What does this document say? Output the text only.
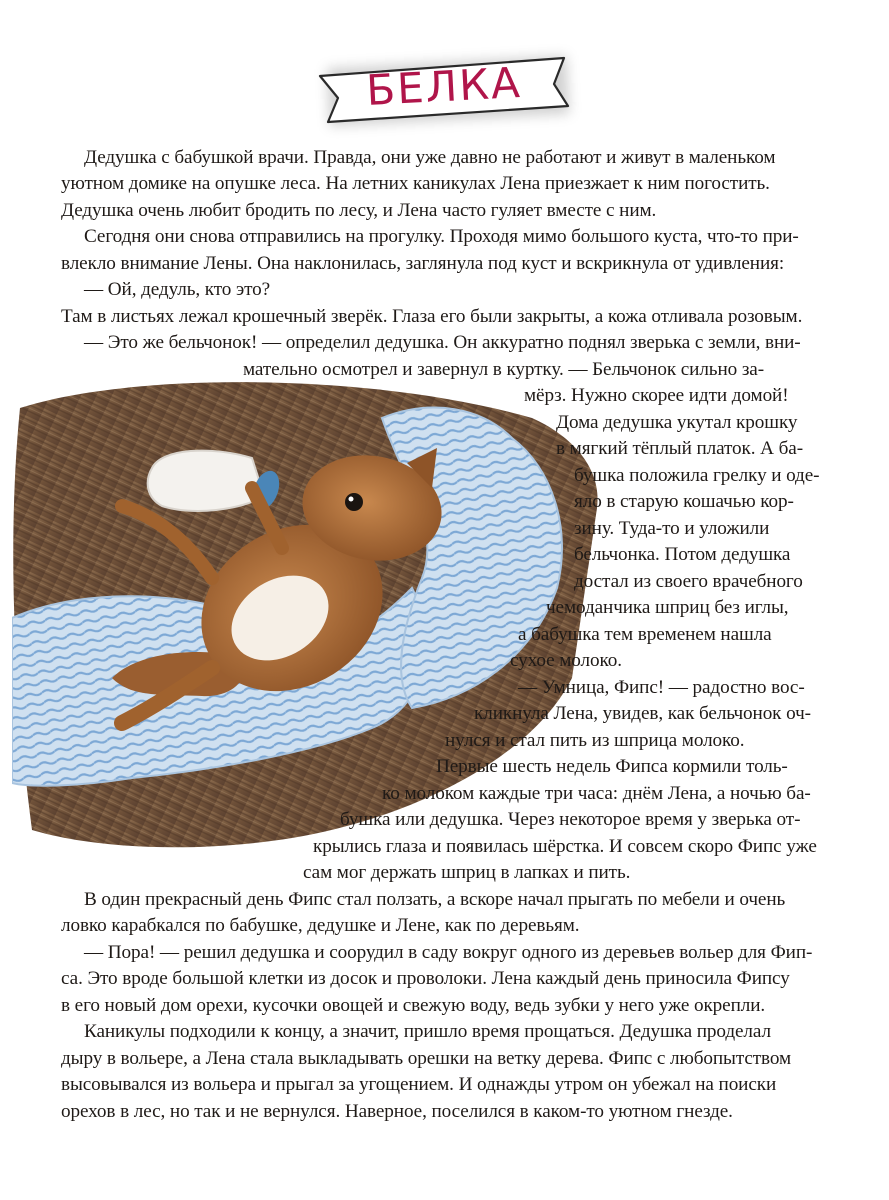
БЕЛКА
Дедушка с бабушкой врачи. Правда, они уже давно не работают и живут в маленьком
уютном домике на опушке леса. На летних каникулах Лена приезжает к ним погостить.
Дедушка очень любит бродить по лесу, и Лена часто гуляет вместе с ним.
Сегодня они снова отправились на прогулку. Проходя мимо большого куста, что-то при-
влекло внимание Лены. Она наклонилась, заглянула под куст и вскрикнула от удивления:
— Ой, дедуль, кто это?
Там в листьях лежал крошечный зверёк. Глаза его были закрыты, а кожа отливала розовым.
— Это же бельчонок! — определил дедушка. Он аккуратно поднял зверька с земли, вни-
мательно осмотрел и завернул в куртку. — Бельчонок сильно за-
мёрз. Нужно скорее идти домой!
Дома дедушка укутал крошку
в мягкий тёплый платок. А ба-
бушка положила грелку и оде-
яло в старую кошачью кор-
зину. Туда-то и уложили
бельчонка. Потом дедушка
достал из своего врачебного
чемоданчика шприц без иглы,
а бабушка тем временем нашла
сухое молоко.
— Умница, Фипс! — радостно вос-
кликнула Лена, увидев, как бельчонок оч-
нулся и стал пить из шприца молоко.
Первые шесть недель Фипса кормили толь-
ко молоком каждые три часа: днём Лена, а ночью ба-
бушка или дедушка. Через некоторое время у зверька от-
крылись глаза и появилась шёрстка. И совсем скоро Фипс уже
сам мог держать шприц в лапках и пить.
В один прекрасный день Фипс стал ползать, а вскоре начал прыгать по мебели и очень
ловко карабкался по бабушке, дедушке и Лене, как по деревьям.
— Пора! — решил дедушка и соорудил в саду вокруг одного из деревьев вольер для Фип-
са. Это вроде большой клетки из досок и проволоки. Лена каждый день приносила Фипсу
в его новый дом орехи, кусочки овощей и свежую воду, ведь зубки у него уже окрепли.
Каникулы подходили к концу, а значит, пришло время прощаться. Дедушка проделал
дыру в вольере, а Лена стала выкладывать орешки на ветку дерева. Фипс с любопытством
высовывался из вольера и прыгал за угощением. И однажды утром он убежал на поиски
орехов в лес, но так и не вернулся. Наверное, поселился в каком-то уютном гнезде.
